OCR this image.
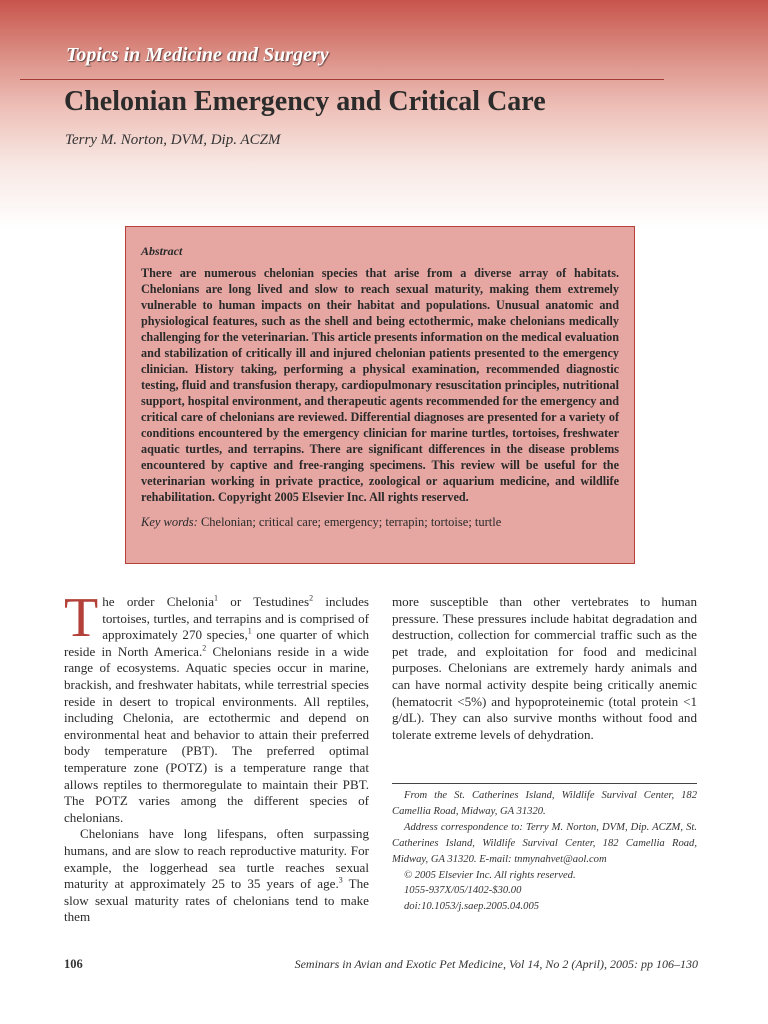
Topics in Medicine and Surgery
Chelonian Emergency and Critical Care
Terry M. Norton, DVM, Dip. ACZM
Abstract
There are numerous chelonian species that arise from a diverse array of habitats. Chelonians are long lived and slow to reach sexual maturity, making them extremely vulnerable to human impacts on their habitat and populations. Unusual anatomic and physiological features, such as the shell and being ectothermic, make chelonians medically challenging for the veterinarian. This article presents information on the medical evaluation and stabilization of critically ill and injured chelonian patients presented to the emergency clinician. History taking, performing a physical examination, recommended diagnostic testing, fluid and transfusion therapy, cardiopulmonary resuscitation principles, nutritional support, hospital environment, and therapeutic agents recommended for the emergency and critical care of chelonians are reviewed. Differential diagnoses are presented for a variety of conditions encountered by the emergency clinician for marine turtles, tortoises, freshwater aquatic turtles, and terrapins. There are significant differences in the disease problems encountered by captive and free-ranging specimens. This review will be useful for the veterinarian working in private practice, zoological or aquarium medicine, and wildlife rehabilitation. Copyright 2005 Elsevier Inc. All rights reserved.
Key words: Chelonian; critical care; emergency; terrapin; tortoise; turtle

The order Chelonia$^1$ or Testudines$^2$ includes tortoises, turtles, and terrapins and is comprised of approximately 270 species,$^1$ one quarter of which reside in North America.$^2$ Chelonians reside in a wide range of ecosystems. Aquatic species occur in marine, brackish, and freshwater habitats, while terrestrial species reside in desert to tropical environments. All reptiles, including Chelonia, are ectothermic and depend on environmental heat and behavior to attain their preferred body temperature (PBT). The preferred optimal temperature zone (POTZ) is a temperature range that allows reptiles to thermoregulate to maintain their PBT. The POTZ varies among the different species of chelonians.

Chelonians have long lifespans, often surpassing humans, and are slow to reach reproductive maturity. For example, the loggerhead sea turtle reaches sexual maturity at approximately 25 to 35 years of age.$^3$ The slow sexual maturity rates of chelonians tend to make them

more susceptible than other vertebrates to human pressure. These pressures include habitat degradation and destruction, collection for commercial traffic such as the pet trade, and exploitation for food and medicinal purposes. Chelonians are extremely hardy animals and can have normal activity despite being critically anemic (hematocrit <5%) and hypoproteinemic (total protein <1 g/dL). They can also survive months without food and tolerate extreme levels of dehydration.

From the St. Catherines Island, Wildlife Survival Center, 182 Camellia Road, Midway, GA 31320.

Address correspondence to: Terry M. Norton, DVM, Dip. ACZM, St. Catherines Island, Wildlife Survival Center, 182 Camellia Road, Midway, GA 31320. E-mail: tnmynahvet@aol.com

© 2005 Elsevier Inc. All rights reserved.

1055-937X/05/1402-$30.00

doi:10.1053/j.saep.2005.04.005

106	Seminars in Avian and Exotic Pet Medicine, Vol 14, No 2 (April), 2005: pp 106–130
